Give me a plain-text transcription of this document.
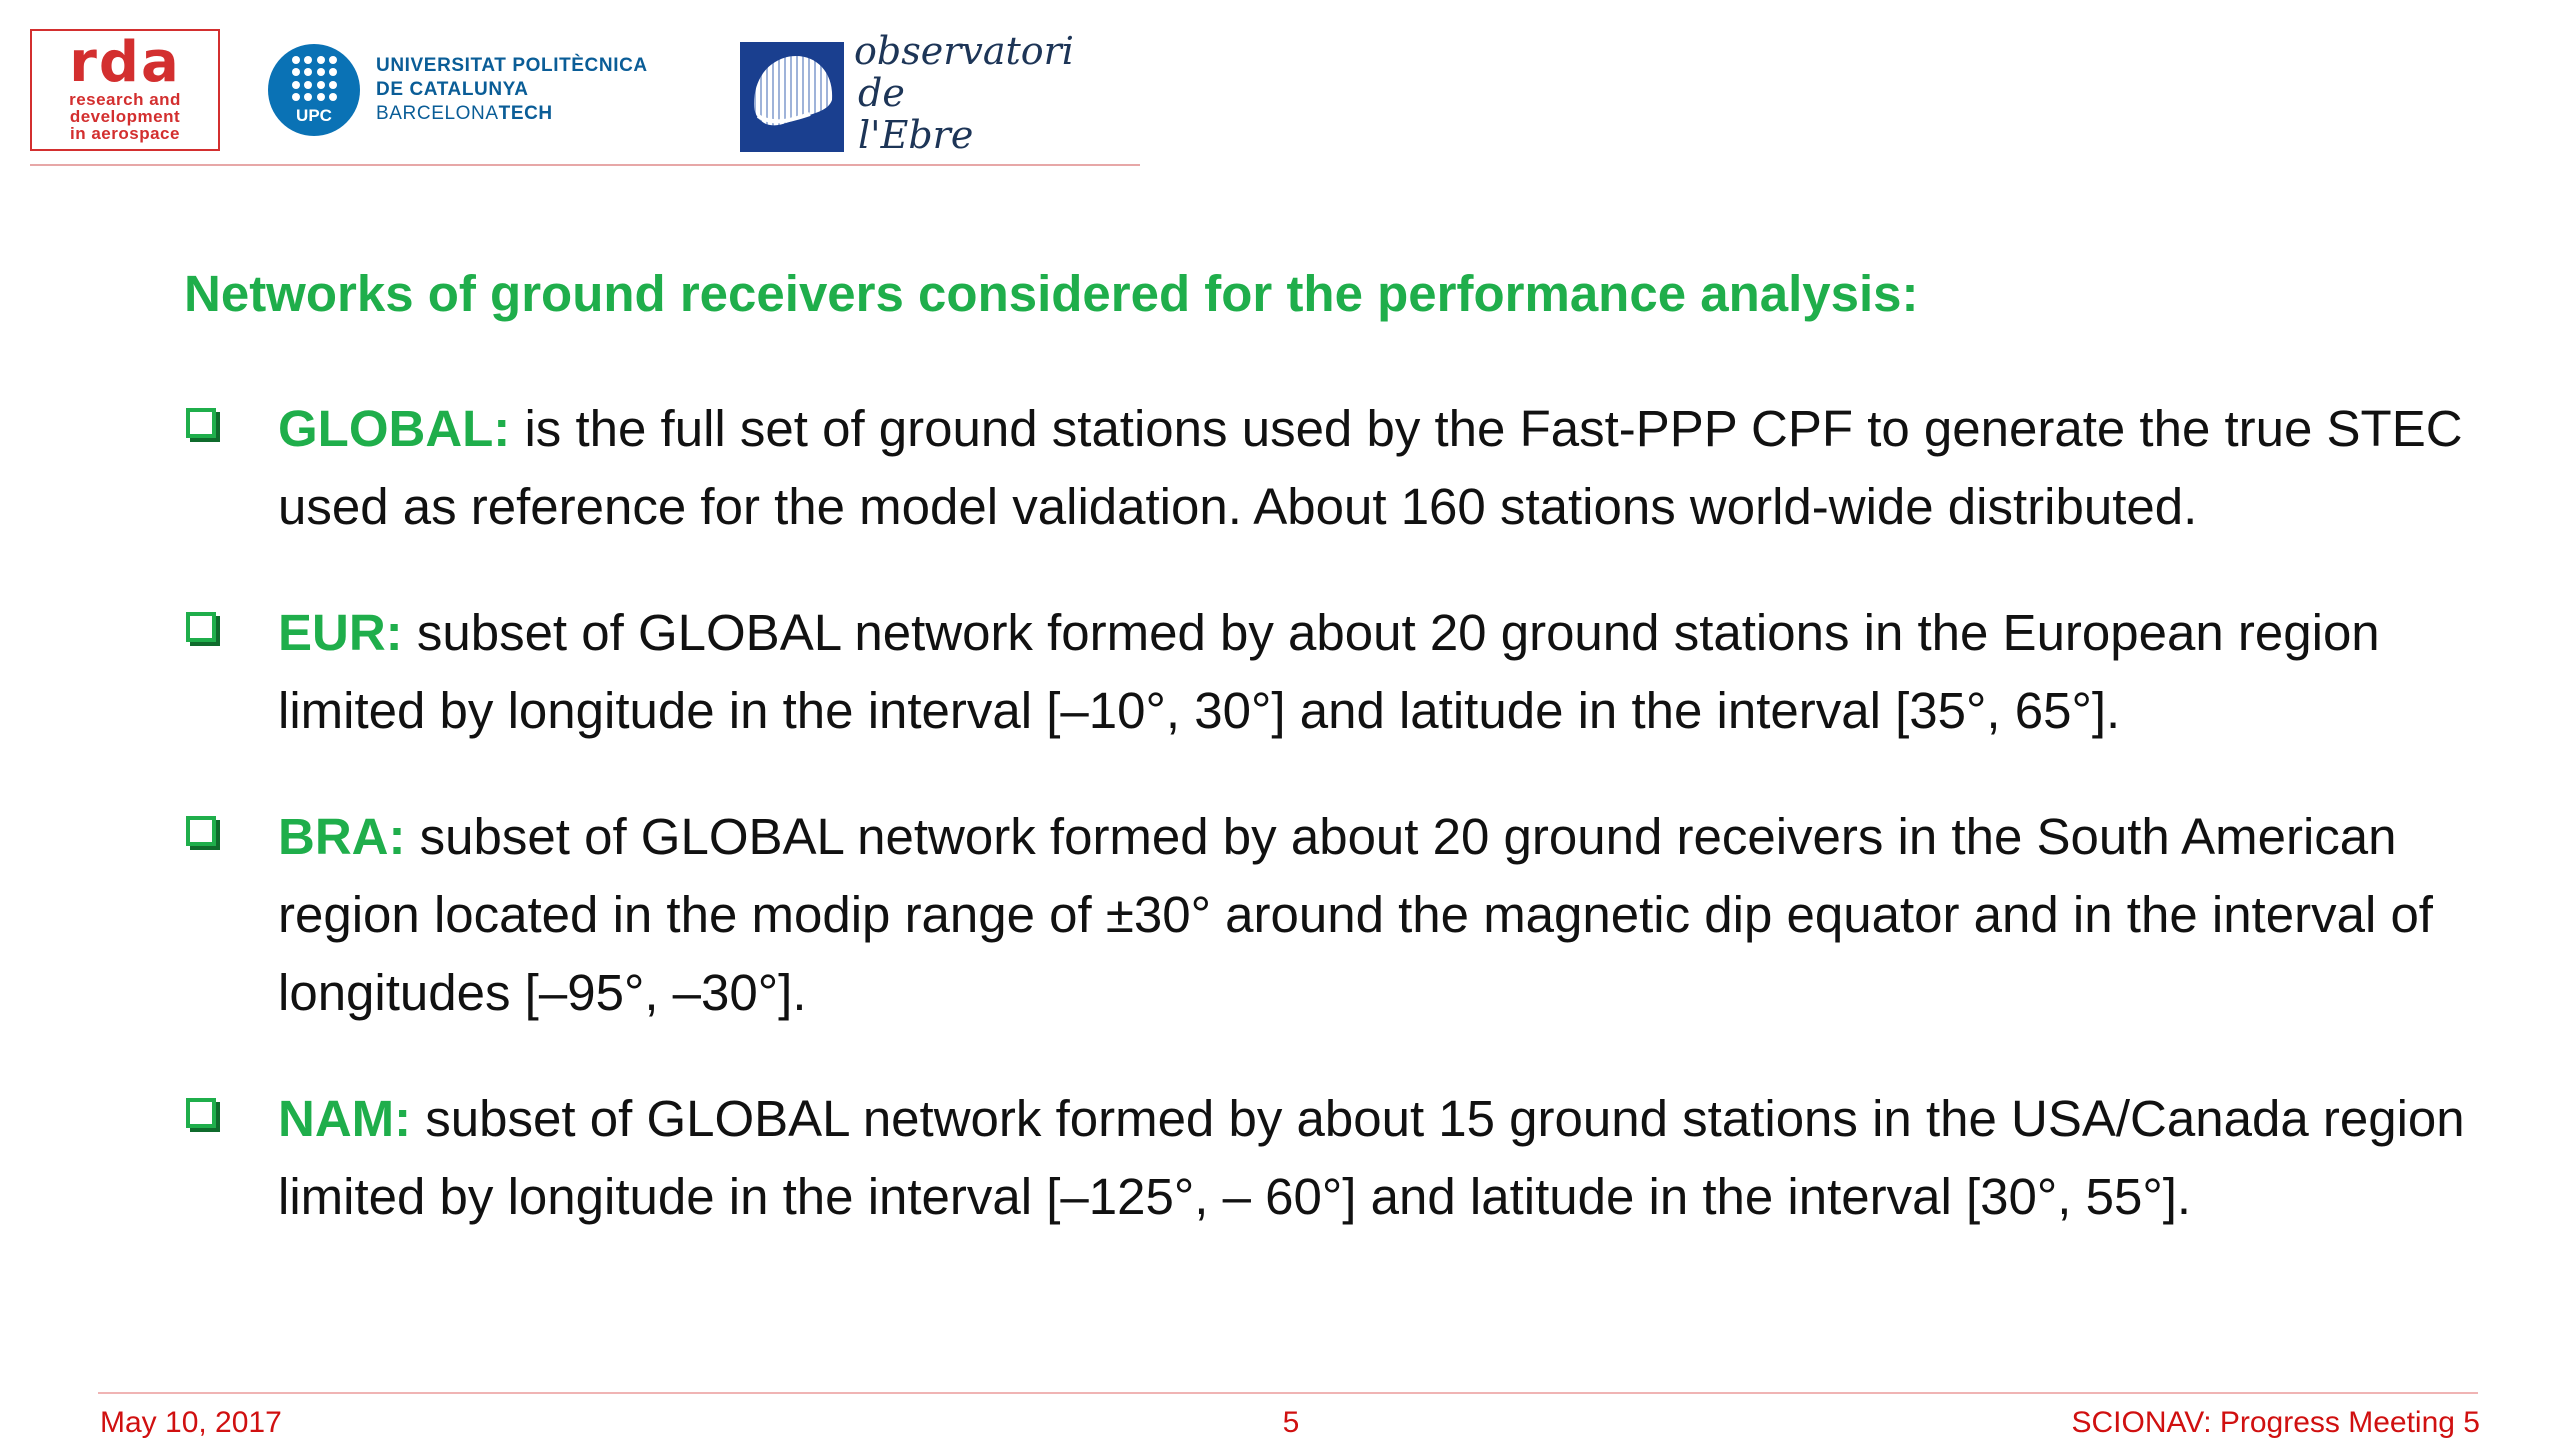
rda
research and
development
in aerospace
UPC
UNIVERSITAT POLITÈCNICA
DE CATALUNYA
BARCELONATECH
observatori
de
l'Ebre
Networks of ground receivers considered for the performance analysis:

GLOBAL: is the full set of ground stations used by the Fast-PPP CPF to generate the true STEC used as reference for the model validation. About 160 stations world-wide distributed.

EUR: subset of GLOBAL network formed by about 20 ground stations in the European region limited by longitude in the interval [–10°, 30°] and latitude in the interval [35°, 65°].

BRA: subset of GLOBAL network formed by about 20 ground receivers in the South American region located in the modip range of ±30° around the magnetic dip equator and in the interval of longitudes [–95°, –30°].

NAM: subset of GLOBAL network formed by about 15 ground stations in the USA/Canada region limited by longitude in the interval [–125°, – 60°] and latitude in the interval [30°, 55°].

May 10, 2017	5	SCIONAV: Progress Meeting 5
